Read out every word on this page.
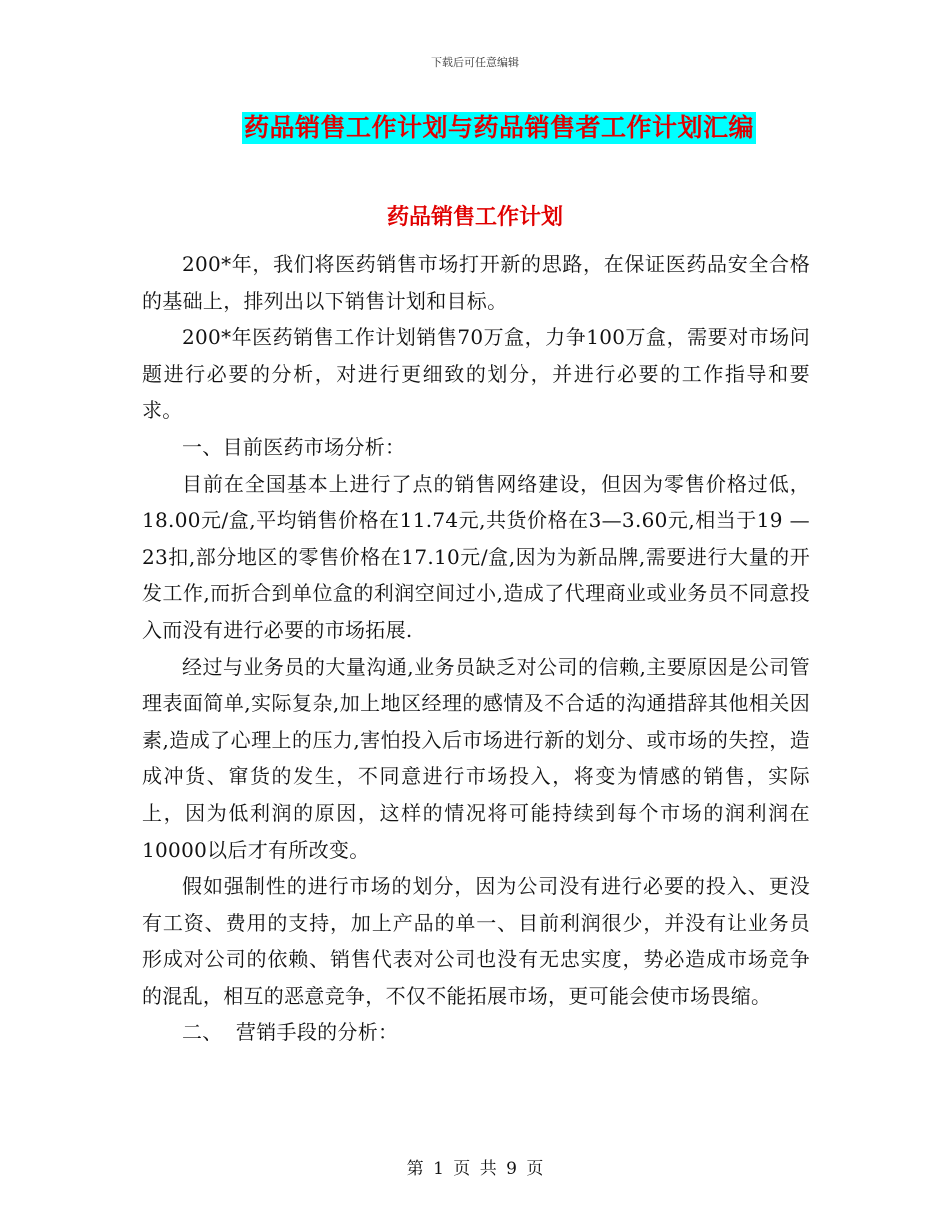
下载后可任意编辑
药品销售工作计划与药品销售者工作计划汇编
药品销售工作计划

200*年，我们将医药销售市场打开新的思路，在保证医药品安全合格的基础上，排列出以下销售计划和目标。

200*年医药销售工作计划销售70万盒，力争100万盒，需要对市场问题进行必要的分析，对进行更细致的划分，并进行必要的工作指导和要求。

一、目前医药市场分析：

目前在全国基本上进行了点的销售网络建设，但因为零售价格过低，18.00元/盒,平均销售价格在11.74元,共货价格在3—3.60元,相当于19 —23扣,部分地区的零售价格在17.10元/盒,因为为新品牌,需要进行大量的开发工作,而折合到单位盒的利润空间过小,造成了代理商业或业务员不同意投入而没有进行必要的市场拓展.

经过与业务员的大量沟通,业务员缺乏对公司的信赖,主要原因是公司管理表面简单,实际复杂,加上地区经理的感情及不合适的沟通措辞其他相关因素,造成了心理上的压力,害怕投入后市场进行新的划分、或市场的失控，造成冲货、窜货的发生，不同意进行市场投入，将变为情感的销售，实际上，因为低利润的原因，这样的情况将可能持续到每个市场的润利润在10000以后才有所改变。

假如强制性的进行市场的划分，因为公司没有进行必要的投入、更没有工资、费用的支持，加上产品的单一、目前利润很少，并没有让业务员形成对公司的依赖、销售代表对公司也没有无忠实度，势必造成市场竞争的混乱，相互的恶意竞争，不仅不能拓展市场，更可能会使市场畏缩。

二、  营销手段的分析：

第 1 页 共 9 页
